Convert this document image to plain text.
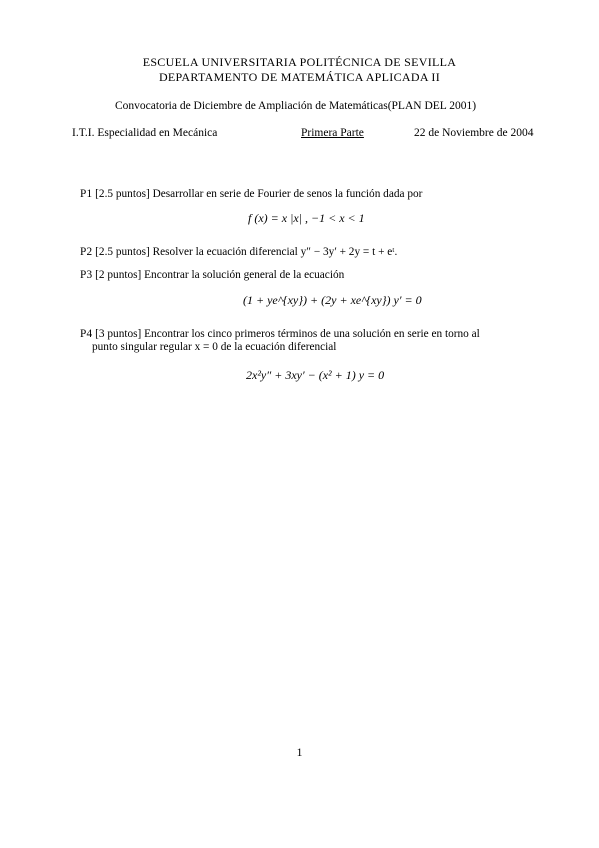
ESCUELA UNIVERSITARIA POLITÉCNICA DE SEVILLA
DEPARTAMENTO DE MATEMÁTICA APLICADA II
Convocatoria de Diciembre de Ampliación de Matemáticas(PLAN DEL 2001)
I.T.I. Especialidad en Mecánica	Primera Parte	22 de Noviembre de 2004
P1 [2.5 puntos] Desarrollar en serie de Fourier de senos la función dada por
f (x) = x |x| , −1 < x < 1
P2 [2.5 puntos] Resolver la ecuación diferencial y″ − 3y′ + 2y = t + eᵗ.
P3 [2 puntos] Encontrar la solución general de la ecuación
(1 + ye^{xy}) + (2y + xe^{xy}) y′ = 0
P4 [3 puntos] Encontrar los cinco primeros términos de una solución en serie en torno al
punto singular regular x = 0 de la ecuación diferencial
2x²y″ + 3xy′ − (x² + 1) y = 0
1
